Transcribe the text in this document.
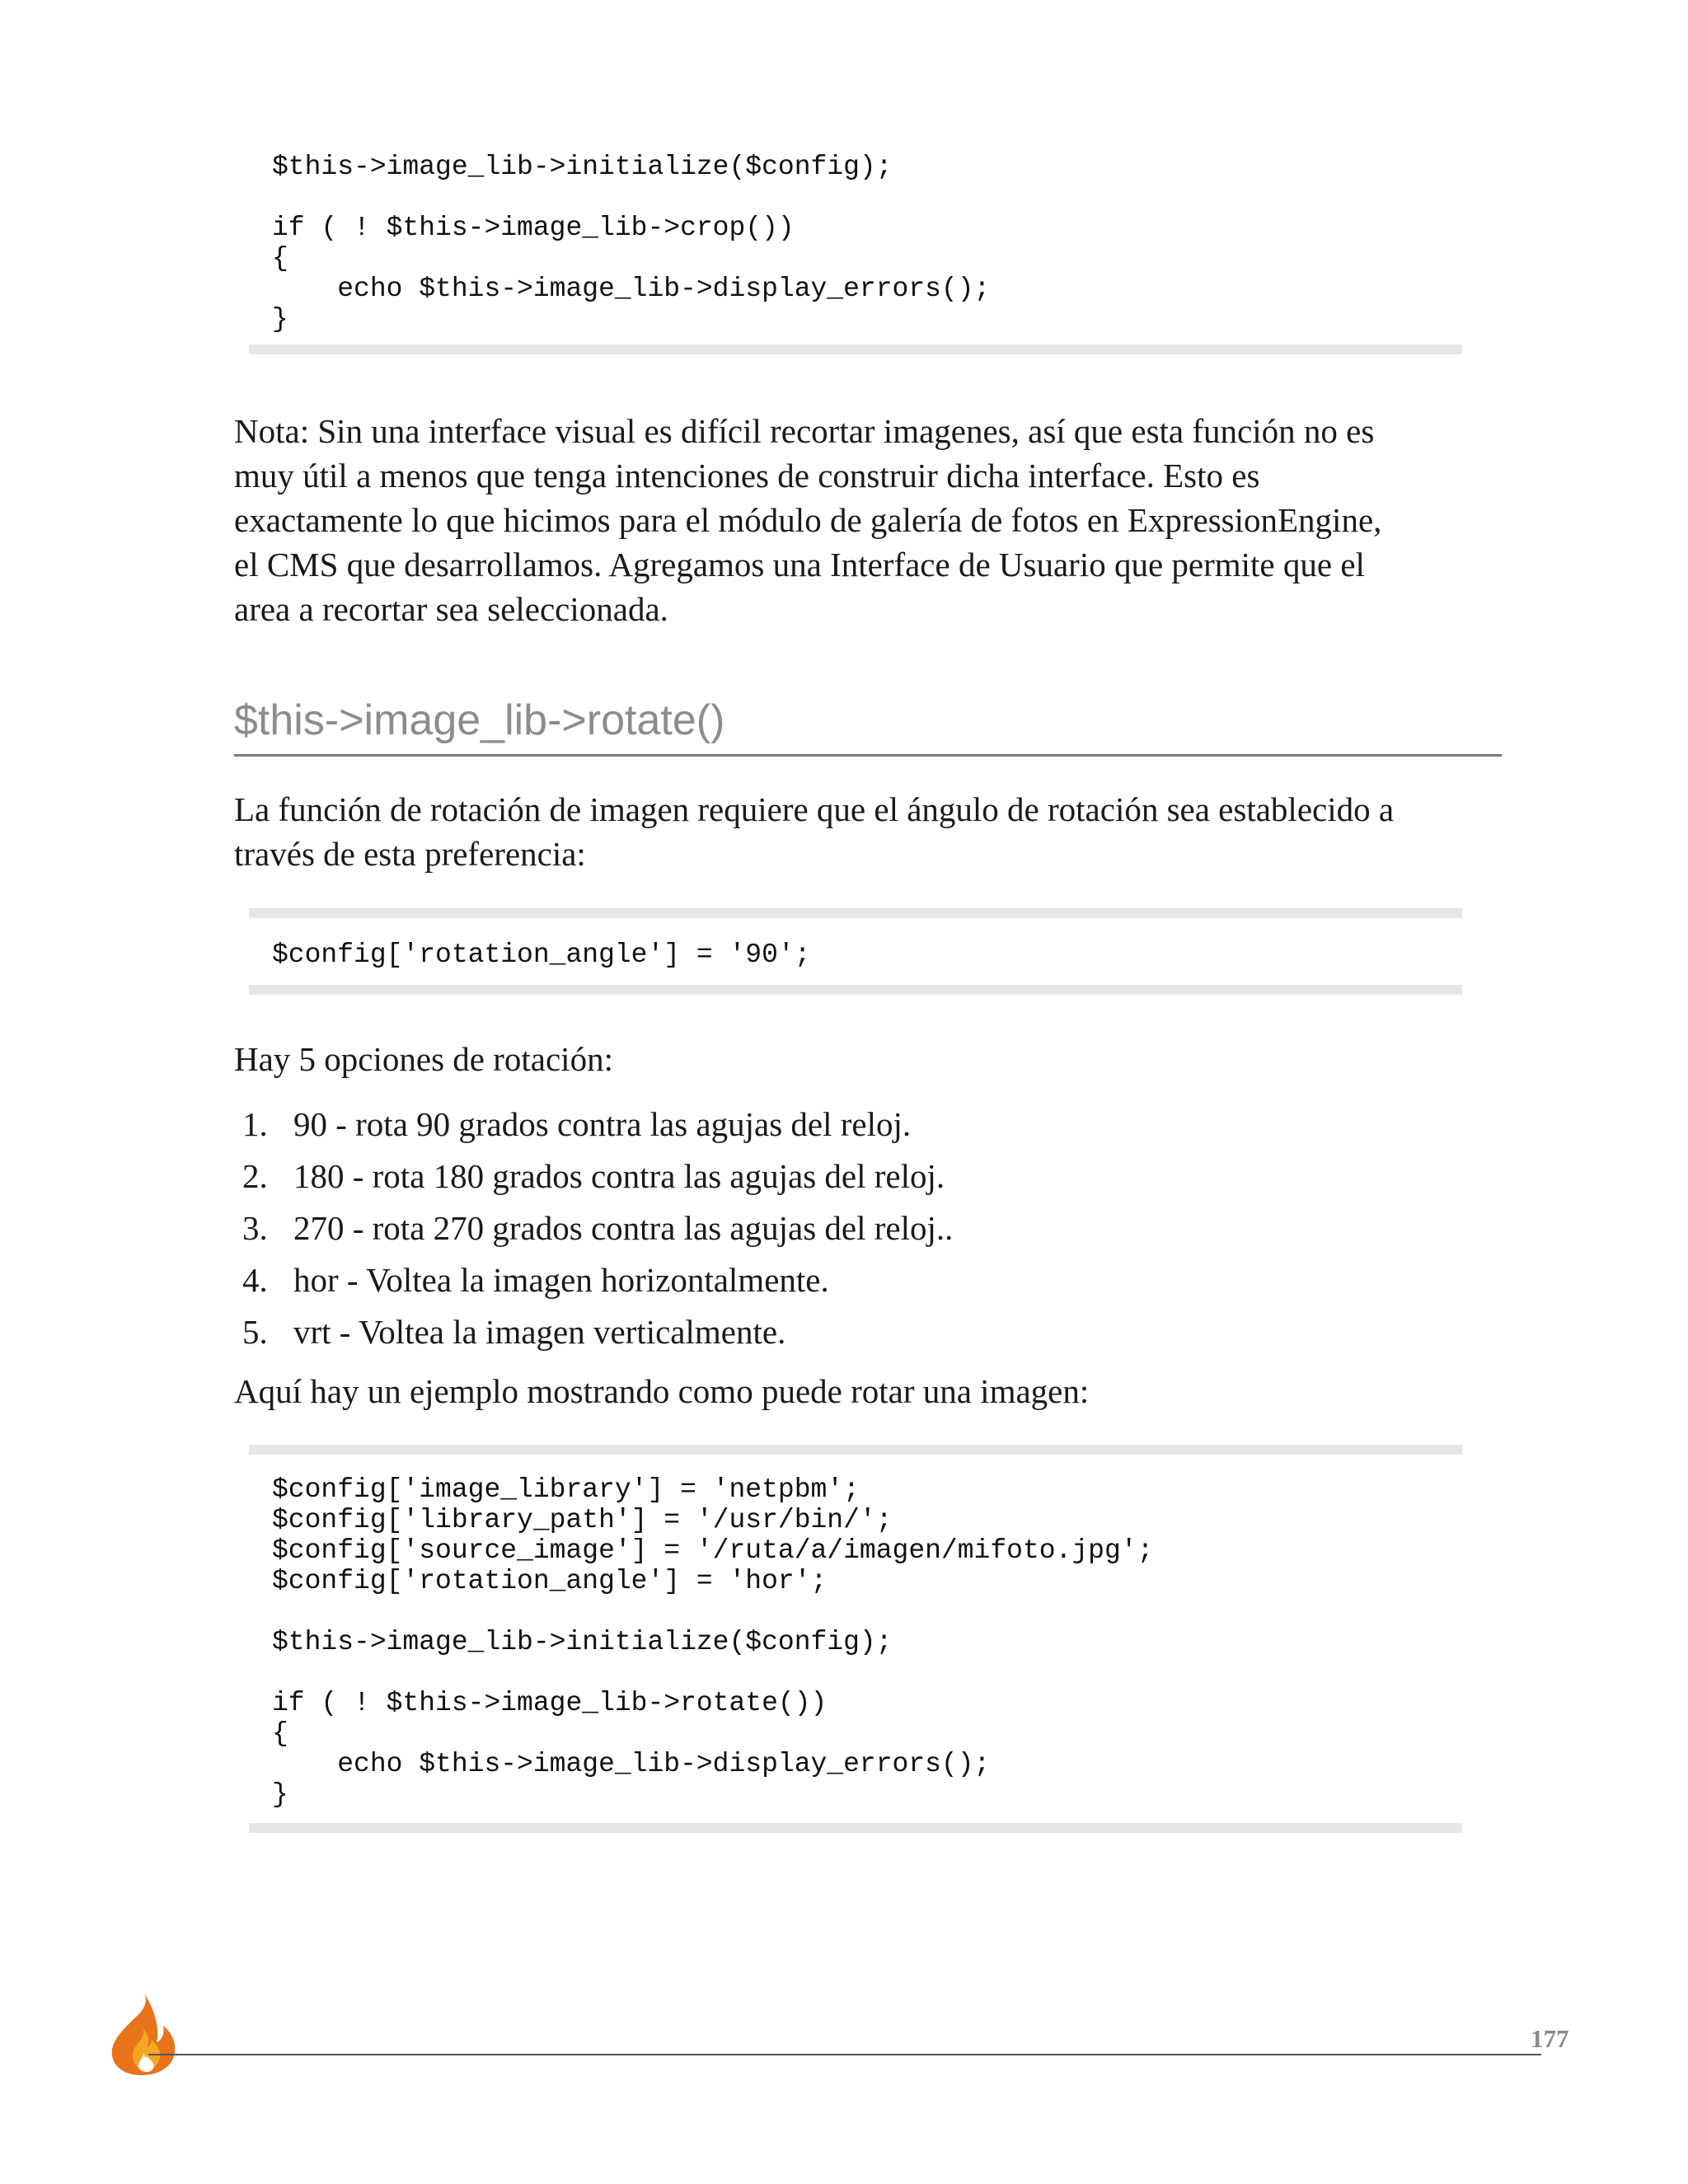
$this->image_lib->initialize($config);
if ( ! $this->image_lib->crop())
{
echo $this->image_lib->display_errors();
}
Nota: Sin una interface visual es difícil recortar imagenes, así que esta función no es
muy útil a menos que tenga intenciones de construir dicha interface. Esto es
exactamente lo que hicimos para el módulo de galería de fotos en ExpressionEngine,
el CMS que desarrollamos. Agregamos una Interface de Usuario que permite que el
area a recortar sea seleccionada.
$this->image_lib->rotate()
La función de rotación de imagen requiere que el ángulo de rotación sea establecido a
través de esta preferencia:
$config['rotation_angle'] = '90';
Hay 5 opciones de rotación:
1. 90 - rota 90 grados contra las agujas del reloj.
2. 180 - rota 180 grados contra las agujas del reloj.
3. 270 - rota 270 grados contra las agujas del reloj..
4. hor - Voltea la imagen horizontalmente.
5. vrt - Voltea la imagen verticalmente.
Aquí hay un ejemplo mostrando como puede rotar una imagen:
$config['image_library'] = 'netpbm';
$config['library_path'] = '/usr/bin/';
$config['source_image'] = '/ruta/a/imagen/mifoto.jpg';
$config['rotation_angle'] = 'hor';
$this->image_lib->initialize($config);
if ( ! $this->image_lib->rotate())
{
echo $this->image_lib->display_errors();
}
177
